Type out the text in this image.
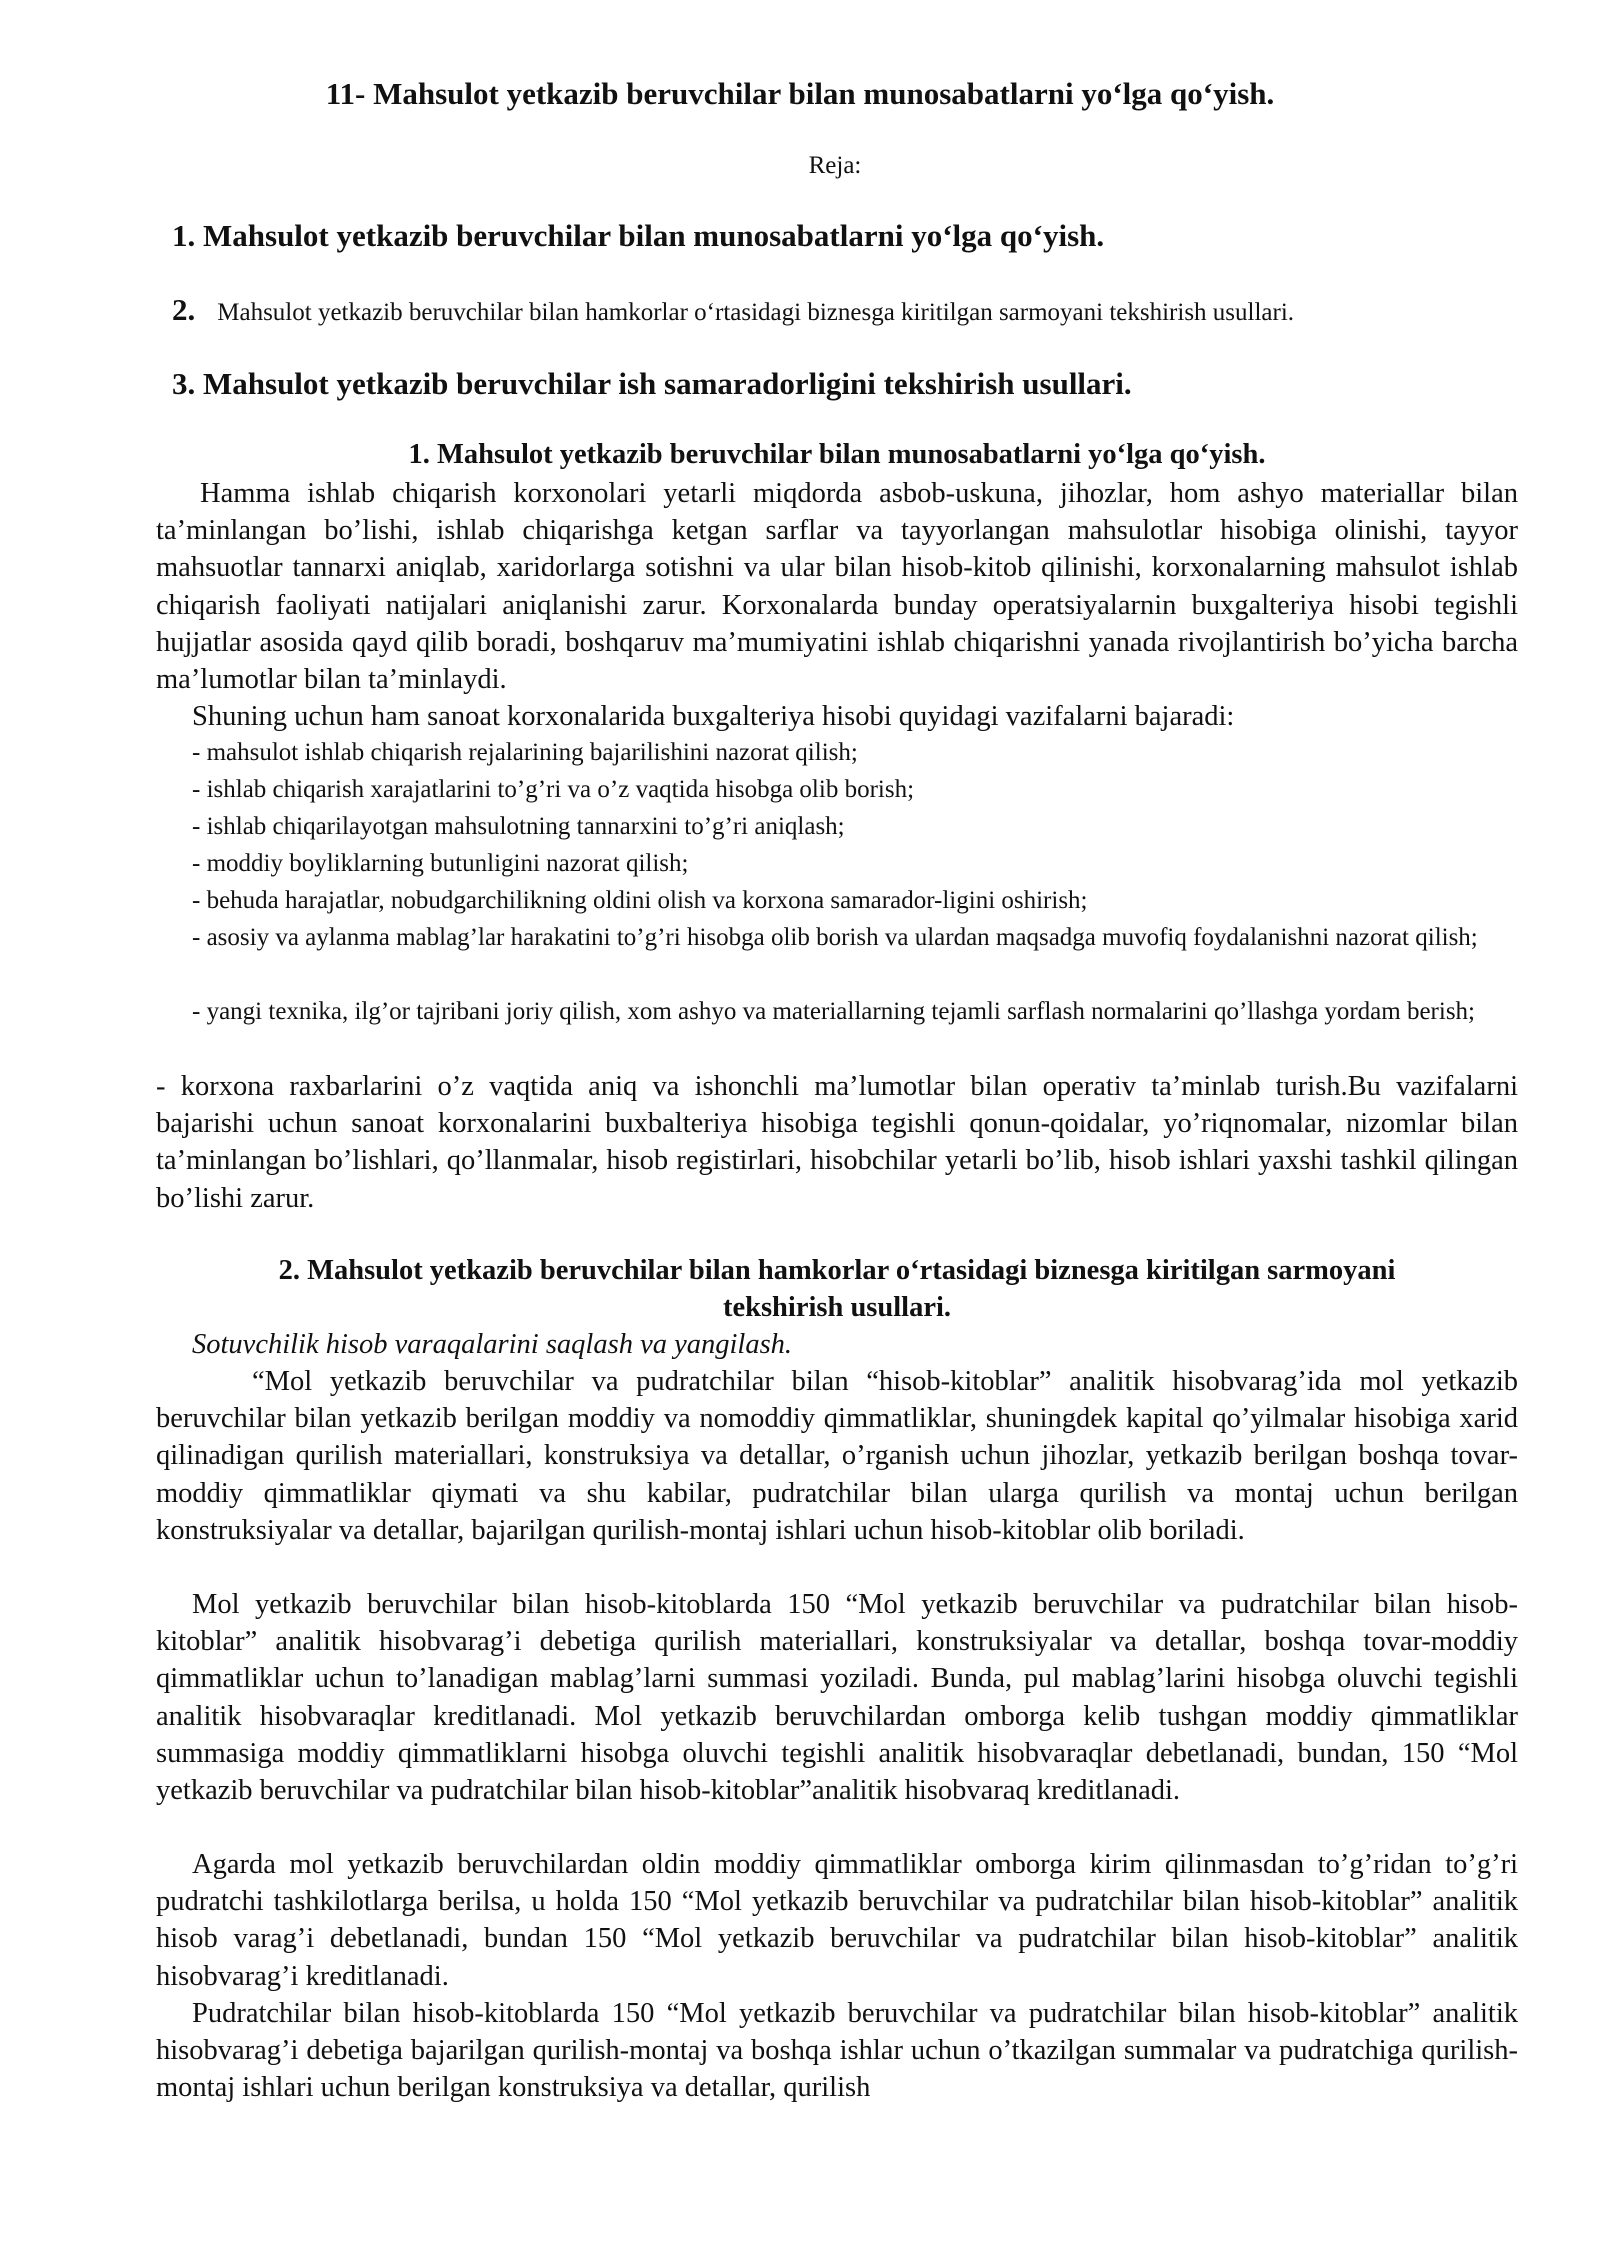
11- Mahsulot yetkazib beruvchilar bilan munosabatlarni yo‘lga qo‘yish.
Reja:

1. Mahsulot yetkazib beruvchilar bilan munosabatlarni yo‘lga qo‘yish.

2. Mahsulot yetkazib beruvchilar bilan hamkorlar o‘rtasidagi biznesga kiritilgan sarmoyani tekshirish usullari.

3. Mahsulot yetkazib beruvchilar ish samaradorligini tekshirish usullari.

1. Mahsulot yetkazib beruvchilar bilan munosabatlarni yo‘lga qo‘yish.

Hamma ishlab chiqarish korxonolari yetarli miqdorda asbob-uskuna, jihozlar, hom ashyo materiallar bilan ta’minlangan bo’lishi, ishlab chiqarishga ketgan sarflar va tayyorlangan mahsulotlar hisobiga olinishi, tayyor mahsuotlar tannarxi aniqlab, xaridorlarga sotishni va ular bilan hisob-kitob qilinishi, korxonalarning mahsulot ishlab chiqarish faoliyati natijalari aniqlanishi zarur. Korxonalarda bunday operatsiyalarnin buxgalteriya hisobi tegishli hujjatlar asosida qayd qilib boradi, boshqaruv ma’mumiyatini ishlab chiqarishni yanada rivojlantirish bo’yicha barcha ma’lumotlar bilan ta’minlaydi.

Shuning uchun ham sanoat korxonalarida buxgalteriya hisobi quyidagi vazifalarni bajaradi:

- mahsulot ishlab chiqarish rejalarining bajarilishini nazorat qilish;

- ishlab chiqarish xarajatlarini to’g’ri va o’z vaqtida hisobga olib borish;

- ishlab chiqarilayotgan mahsulotning tannarxini to’g’ri aniqlash;

- moddiy boyliklarning butunligini nazorat qilish;

- behuda harajatlar, nobudgarchilikning oldini olish va korxona samarador-ligini oshirish;

- asosiy va aylanma mablag’lar harakatini to’g’ri hisobga olib borish va ulardan maqsadga muvofiq foydalanishni nazorat qilish;

- yangi texnika, ilg’or tajribani joriy qilish, xom ashyo va materiallarning tejamli sarflash normalarini qo’llashga yordam berish;

- korxona raxbarlarini o’z vaqtida aniq va ishonchli ma’lumotlar bilan operativ ta’minlab turish.Bu vazifalarni bajarishi uchun sanoat korxonalarini buxbalteriya hisobiga tegishli qonun-qoidalar, yo’riqnomalar, nizomlar bilan ta’minlangan bo’lishlari, qo’llanmalar, hisob registirlari, hisobchilar yetarli bo’lib, hisob ishlari yaxshi tashkil qilingan bo’lishi zarur.

2. Mahsulot yetkazib beruvchilar bilan hamkorlar o‘rtasidagi biznesga kiritilgan sarmoyani
tekshirish usullari.

Sotuvchilik hisob varaqalarini saqlash va yangilash.

“Mol yetkazib beruvchilar va pudratchilar bilan “hisob-kitoblar” analitik hisobvarag’ida mol yetkazib beruvchilar bilan yetkazib berilgan moddiy va nomoddiy qimmatliklar, shuningdek kapital qo’yilmalar hisobiga xarid qilinadigan qurilish materiallari, konstruksiya va detallar, o’rganish uchun jihozlar, yetkazib berilgan boshqa tovar-moddiy qimmatliklar qiymati va shu kabilar, pudratchilar bilan ularga qurilish va montaj uchun berilgan konstruksiyalar va detallar, bajarilgan qurilish-montaj ishlari uchun hisob-kitoblar olib boriladi.

Mol yetkazib beruvchilar bilan hisob-kitoblarda 150 “Mol yetkazib beruvchilar va pudratchilar bilan hisob-kitoblar” analitik hisobvarag’i debetiga qurilish materiallari, konstruksiyalar va detallar, boshqa tovar-moddiy qimmatliklar uchun to’lanadigan mablag’larni summasi yoziladi. Bunda, pul mablag’larini hisobga oluvchi tegishli analitik hisobvaraqlar kreditlanadi. Mol yetkazib beruvchilardan omborga kelib tushgan moddiy qimmatliklar summasiga moddiy qimmatliklarni hisobga oluvchi tegishli analitik hisobvaraqlar debetlanadi, bundan, 150 “Mol yetkazib beruvchilar va pudratchilar bilan hisob-kitoblar”analitik hisobvaraq kreditlanadi.

Agarda mol yetkazib beruvchilardan oldin moddiy qimmatliklar omborga kirim qilinmasdan to’g’ridan to’g’ri pudratchi tashkilotlarga berilsa, u holda 150 “Mol yetkazib beruvchilar va pudratchilar bilan hisob-kitoblar” analitik hisob varag’i debetlanadi, bundan 150 “Mol yetkazib beruvchilar va pudratchilar bilan hisob-kitoblar” analitik hisobvarag’i kreditlanadi.

Pudratchilar bilan hisob-kitoblarda 150 “Mol yetkazib beruvchilar va pudratchilar bilan hisob-kitoblar” analitik hisobvarag’i debetiga bajarilgan qurilish-montaj va boshqa ishlar uchun o’tkazilgan summalar va pudratchiga qurilish-montaj ishlari uchun berilgan konstruksiya va detallar, qurilish
